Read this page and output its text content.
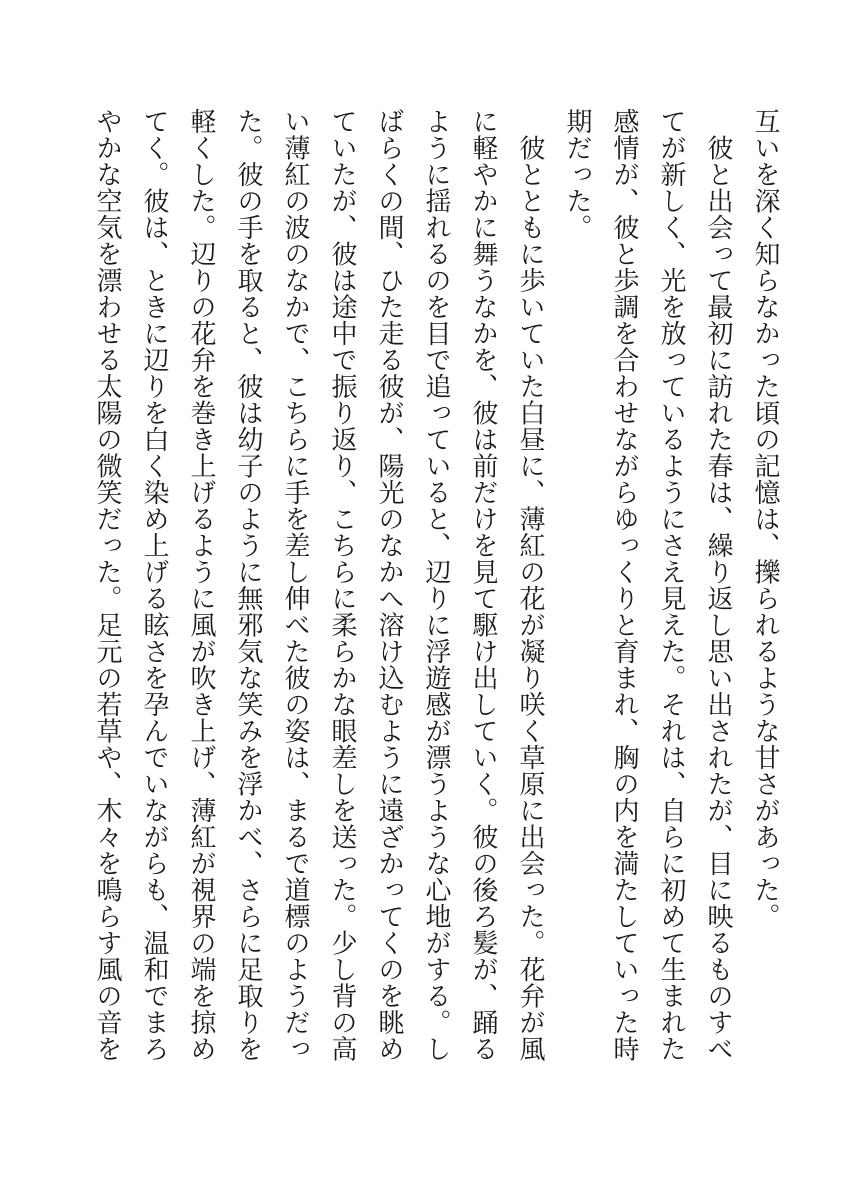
互いを深く知らなかった頃の記憶は、擽られるような甘さがあった。
　彼と出会って最初に訪れた春は、繰り返し思い出されたが、目に映るものすべ
てが新しく、光を放っているようにさえ見えた。それは、自らに初めて生まれた
感情が、彼と歩調を合わせながらゆっくりと育まれ、胸の内を満たしていった時
期だった。
　彼とともに歩いていた白昼に、薄紅の花が凝り咲く草原に出会った。花弁が風
に軽やかに舞うなかを、彼は前だけを見て駆け出していく。彼の後ろ髪が、踊る
ように揺れるのを目で追っていると、辺りに浮遊感が漂うような心地がする。し
ばらくの間、ひた走る彼が、陽光のなかへ溶け込むように遠ざかってくのを眺め
ていたが、彼は途中で振り返り、こちらに柔らかな眼差しを送った。少し背の高
い薄紅の波のなかで、こちらに手を差し伸べた彼の姿は、まるで道標のようだっ
た。彼の手を取ると、彼は幼子のように無邪気な笑みを浮かべ、さらに足取りを
軽くした。辺りの花弁を巻き上げるように風が吹き上げ、薄紅が視界の端を掠め
てく。彼は、ときに辺りを白く染め上げる眩さを孕んでいながらも、温和でまろ
やかな空気を漂わせる太陽の微笑だった。足元の若草や、木々を鳴らす風の音を
